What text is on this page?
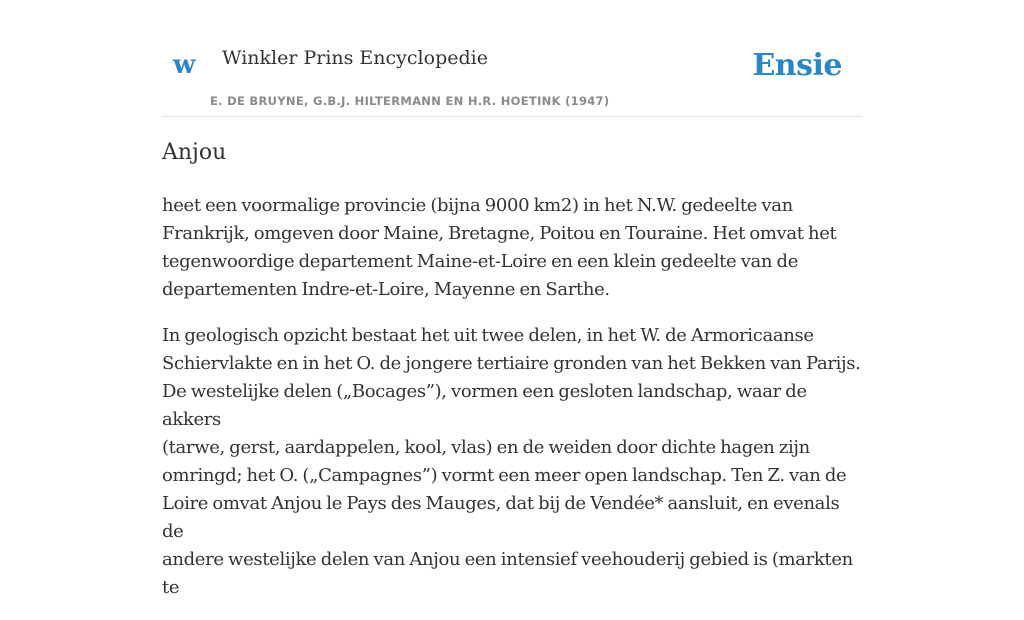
w Winkler Prins Encyclopedie
E. DE BRUYNE, G.B.J. HILTERMANN EN H.R. HOETINK (1947)
Ensie
Anjou

heet een voormalige provincie (bijna 9000 km2) in het N.W. gedeelte van
Frankrijk, omgeven door Maine, Bretagne, Poitou en Touraine. Het omvat het
tegenwoordige departement Maine-et-Loire en een klein gedeelte van de
departementen Indre-et-Loire, Mayenne en Sarthe.

In geologisch opzicht bestaat het uit twee delen, in het W. de Armoricaanse
Schiervlakte en in het O. de jongere tertiaire gronden van het Bekken van Parijs.
De westelijke delen („Bocages”), vormen een gesloten landschap, waar de akkers
(tarwe, gerst, aardappelen, kool, vlas) en de weiden door dichte hagen zijn
omringd; het O. („Campagnes”) vormt een meer open landschap. Ten Z. van de
Loire omvat Anjou le Pays des Mauges, dat bij de Vendée* aansluit, en evenals de
andere westelijke delen van Anjou een intensief veehouderij gebied is (markten te
